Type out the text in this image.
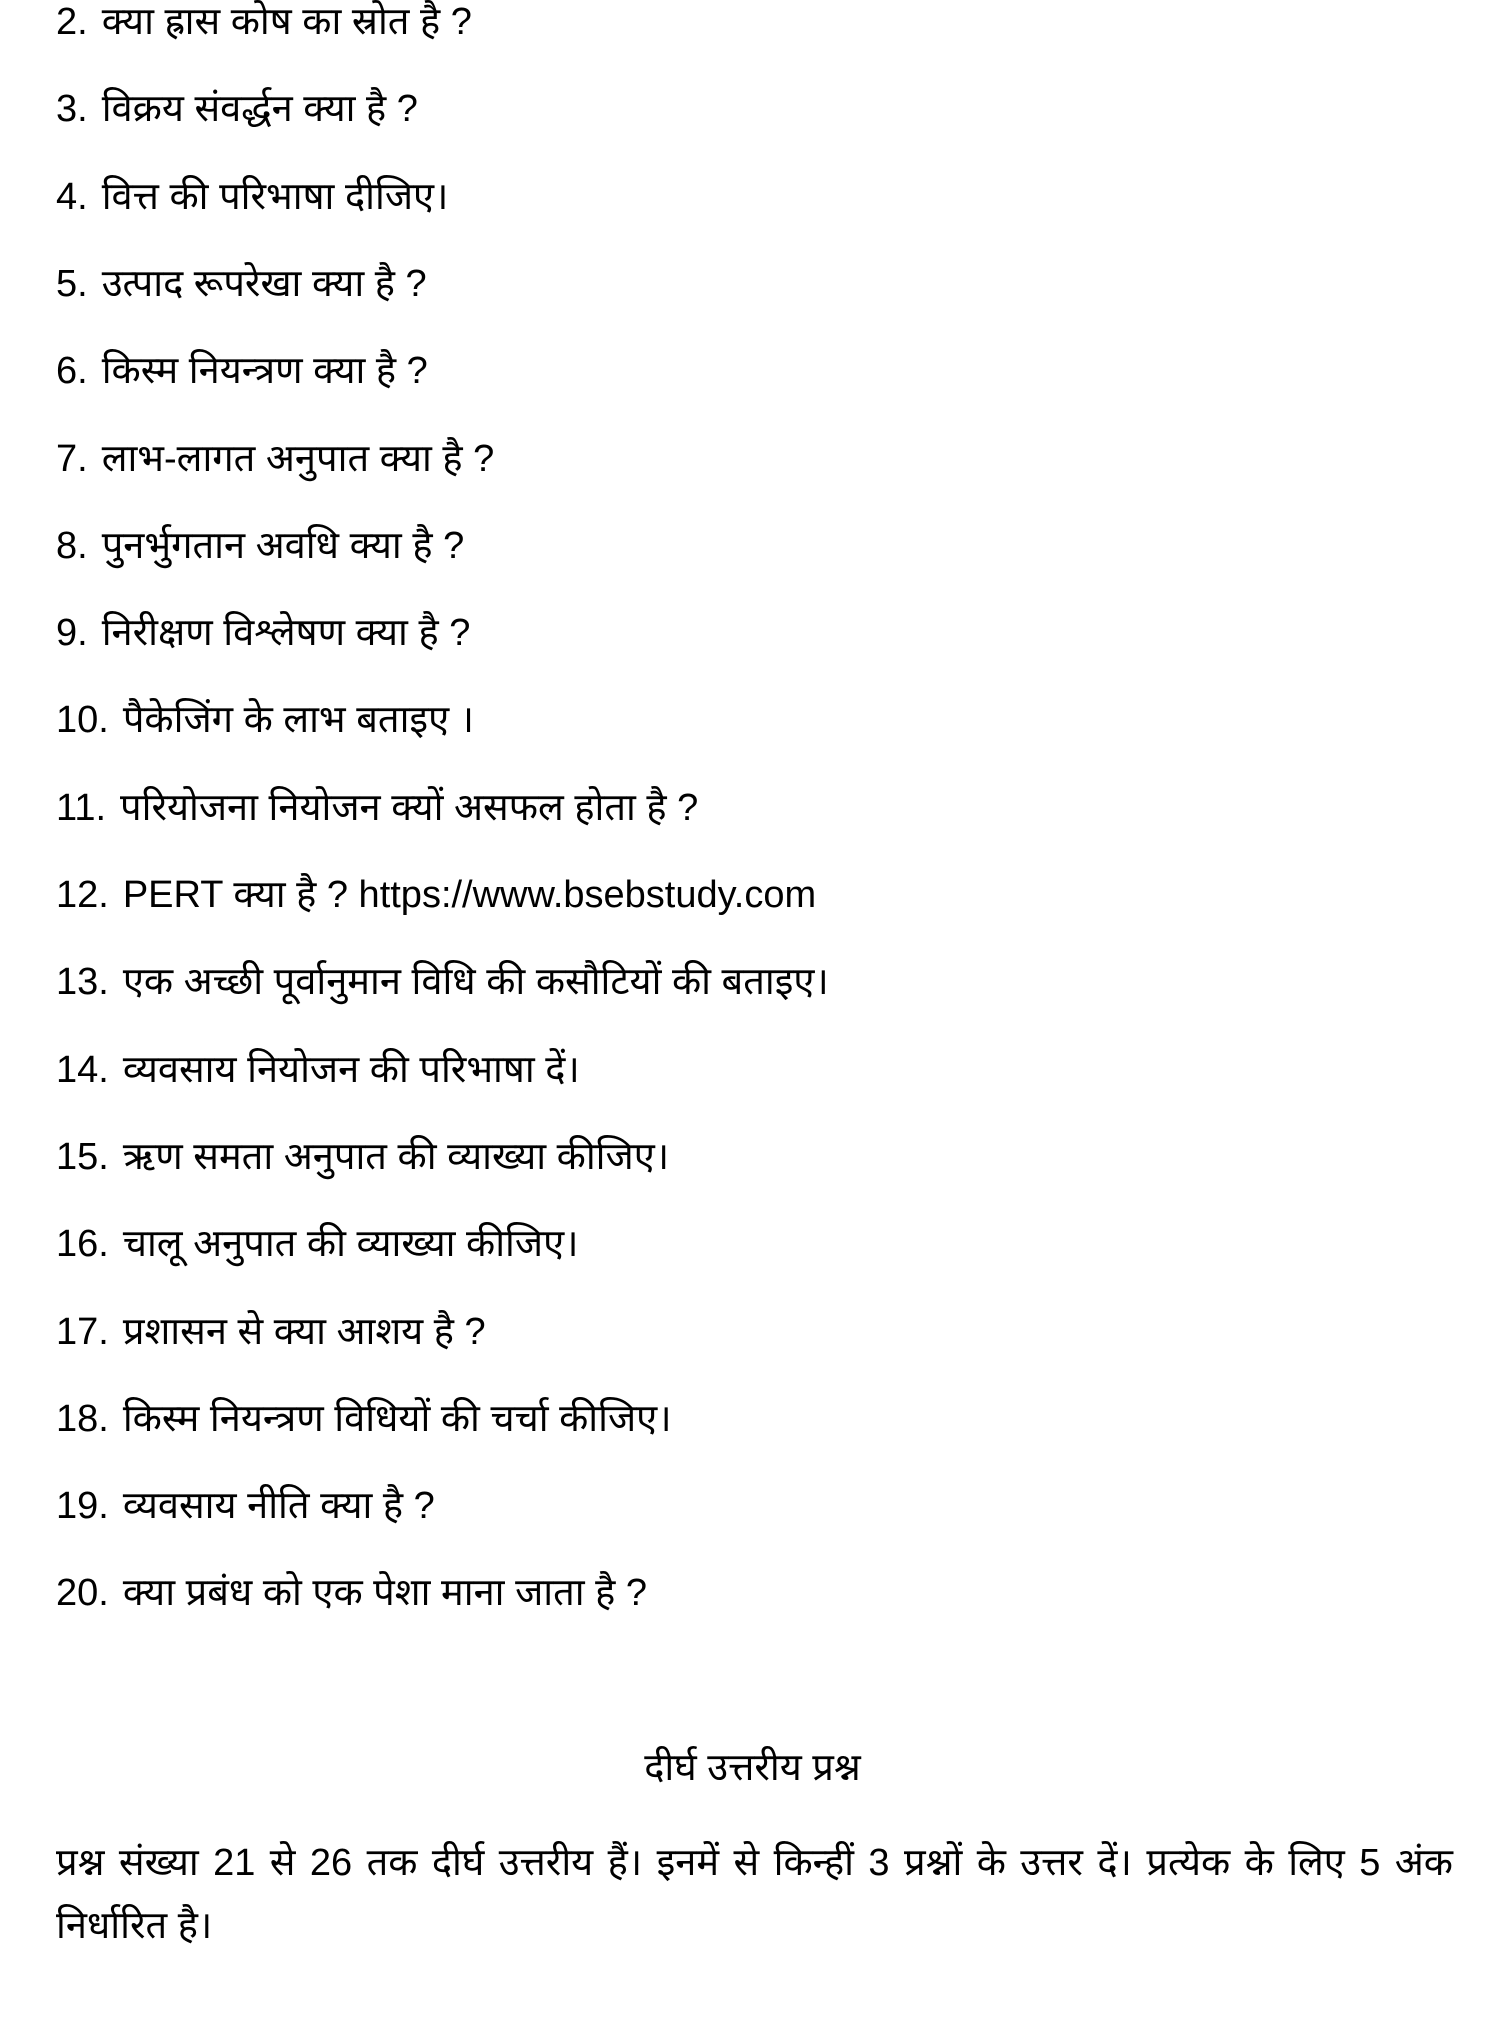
2. क्या ह्रास कोष का स्रोत है ?
3. विक्रय संवर्द्धन क्या है ?
4. वित्त की परिभाषा दीजिए।
5. उत्पाद रूपरेखा क्या है ?
6. किस्म नियन्त्रण क्या है ?
7. लाभ-लागत अनुपात क्या है ?
8. पुनर्भुगतान अवधि क्या है ?
9. निरीक्षण विश्लेषण क्या है ?
10. पैकेजिंग के लाभ बताइए ।
11. परियोजना नियोजन क्यों असफल होता है ?
12. PERT क्या है ? https://www.bsebstudy.com
13. एक अच्छी पूर्वानुमान विधि की कसौटियों की बताइए।
14. व्यवसाय नियोजन की परिभाषा दें।
15. ऋण समता अनुपात की व्याख्या कीजिए।
16. चालू अनुपात की व्याख्या कीजिए।
17. प्रशासन से क्या आशय है ?
18. किस्म नियन्त्रण विधियों की चर्चा कीजिए।
19. व्यवसाय नीति क्या है ?
20. क्या प्रबंध को एक पेशा माना जाता है ?
दीर्घ उत्तरीय प्रश्न
प्रश्न संख्या 21 से 26 तक दीर्घ उत्तरीय हैं। इनमें से किन्हीं 3 प्रश्नों के उत्तर दें। प्रत्येक के लिए 5 अंक निर्धारित है।
